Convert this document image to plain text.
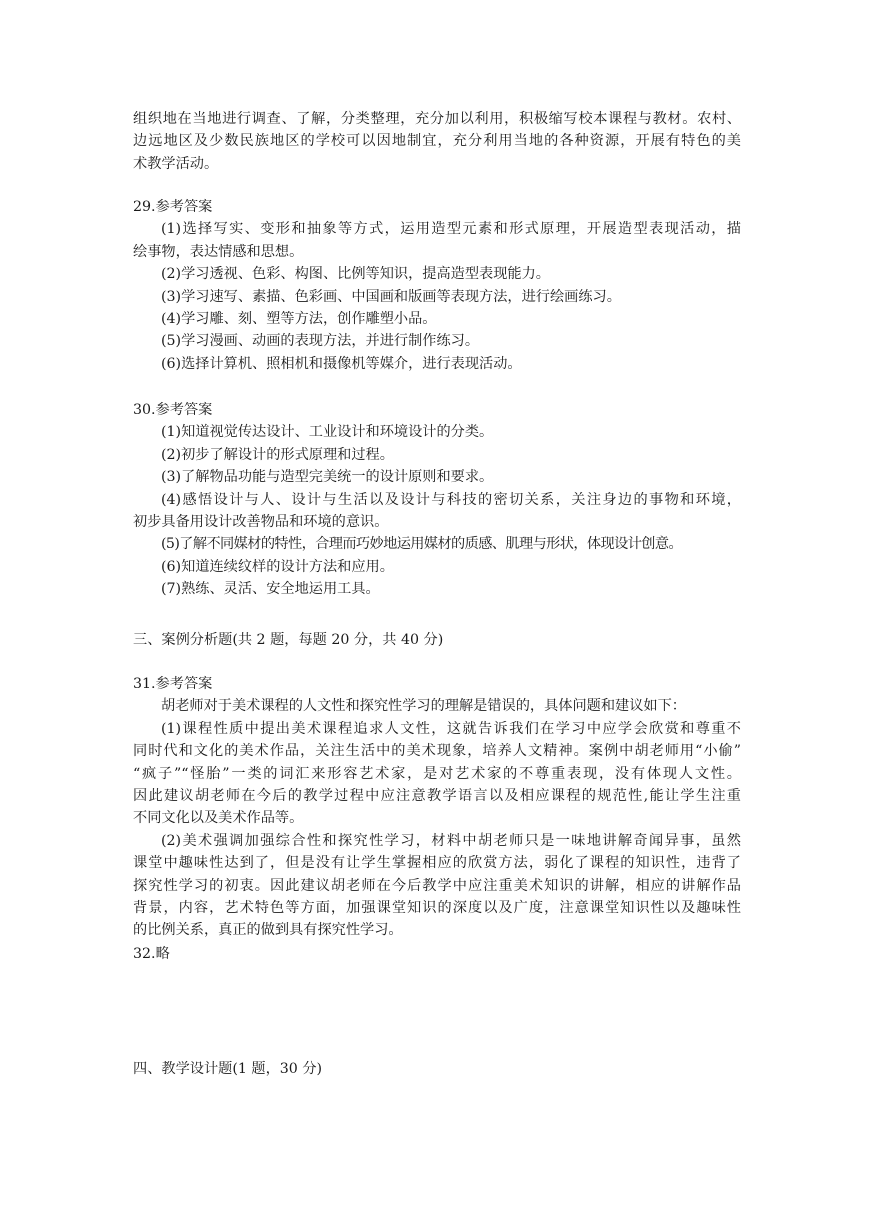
组织地在当地进行调查、了解，分类整理，充分加以利用，积极缩写校本课程与教材。农村、
边远地区及少数民族地区的学校可以因地制宜，充分利用当地的各种资源，开展有特色的美
术教学活动。
29.参考答案
(1)选择写实、变形和抽象等方式，运用造型元素和形式原理，开展造型表现活动，描
绘事物，表达情感和思想。
(2)学习透视、色彩、构图、比例等知识，提高造型表现能力。
(3)学习速写、素描、色彩画、中国画和版画等表现方法，进行绘画练习。
(4)学习雕、刻、塑等方法，创作雕塑小品。
(5)学习漫画、动画的表现方法，并进行制作练习。
(6)选择计算机、照相机和摄像机等媒介，进行表现活动。
30.参考答案
(1)知道视觉传达设计、工业设计和环境设计的分类。
(2)初步了解设计的形式原理和过程。
(3)了解物品功能与造型完美统一的设计原则和要求。
(4)感悟设计与人、设计与生活以及设计与科技的密切关系，关注身边的事物和环境，
初步具备用设计改善物品和环境的意识。
(5)了解不同媒材的特性，合理而巧妙地运用媒材的质感、肌理与形状，体现设计创意。
(6)知道连续纹样的设计方法和应用。
(7)熟练、灵活、安全地运用工具。
三、案例分析题(共 2 题，每题 20 分，共 40 分)
31.参考答案
胡老师对于美术课程的人文性和探究性学习的理解是错误的，具体问题和建议如下：
(1)课程性质中提出美术课程追求人文性，这就告诉我们在学习中应学会欣赏和尊重不
同时代和文化的美术作品，关注生活中的美术现象，培养人文精神。案例中胡老师用“小偷”
“疯子”“怪胎”一类的词汇来形容艺术家，是对艺术家的不尊重表现，没有体现人文性。
因此建议胡老师在今后的教学过程中应注意教学语言以及相应课程的规范性,能让学生注重
不同文化以及美术作品等。
(2)美术强调加强综合性和探究性学习，材料中胡老师只是一味地讲解奇闻异事，虽然
课堂中趣味性达到了，但是没有让学生掌握相应的欣赏方法，弱化了课程的知识性，违背了
探究性学习的初衷。因此建议胡老师在今后教学中应注重美术知识的讲解，相应的讲解作品
背景，内容，艺术特色等方面，加强课堂知识的深度以及广度，注意课堂知识性以及趣味性
的比例关系，真正的做到具有探究性学习。
32.略
四、教学设计题(1 题，30 分)
